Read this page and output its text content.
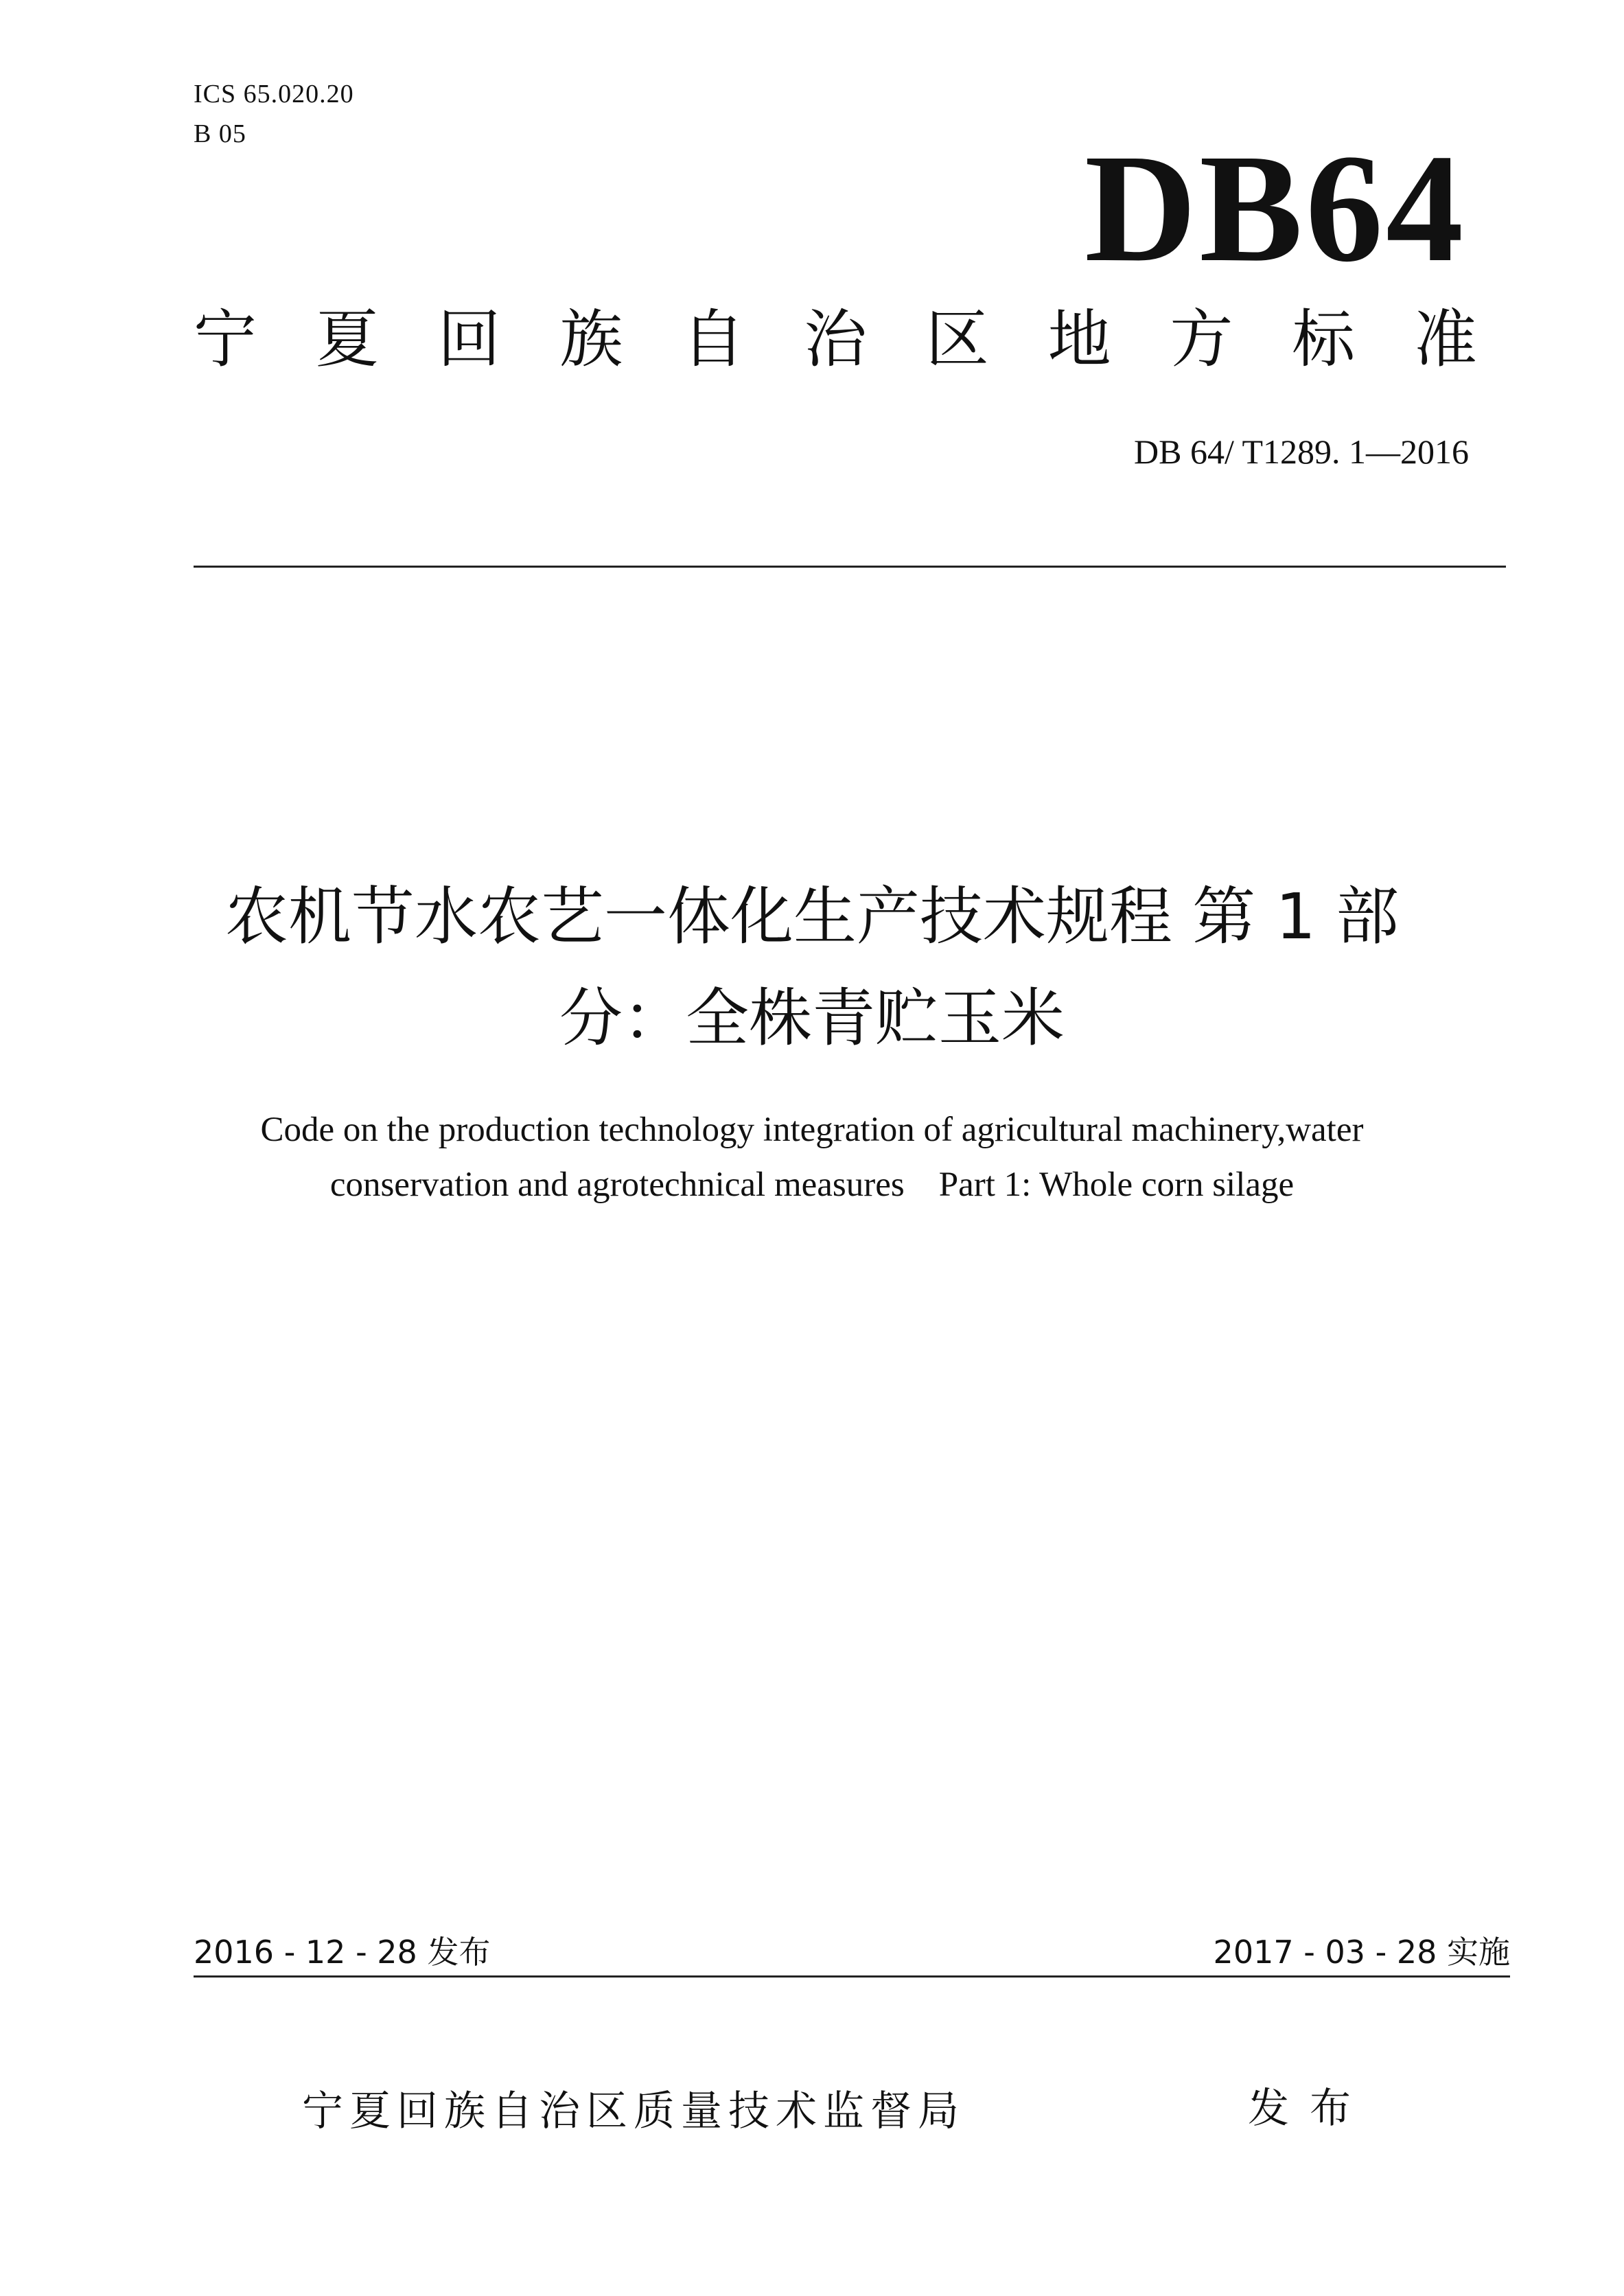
ICS 65.020.20
B 05	DB64
宁 夏 回 族 自 治 区 地 方 标 准
DB 64/ T1289. 1—2016
农机节水农艺一体化生产技术规程 第 1 部
分：全株青贮玉米
Code on the production technology integration of agricultural machinery,water
conservation and agrotechnical measures Part 1: Whole corn silage
2016 - 12 - 28 发布	2017 - 03 - 28 实施
宁夏回族自治区质量技术监督局	发布
